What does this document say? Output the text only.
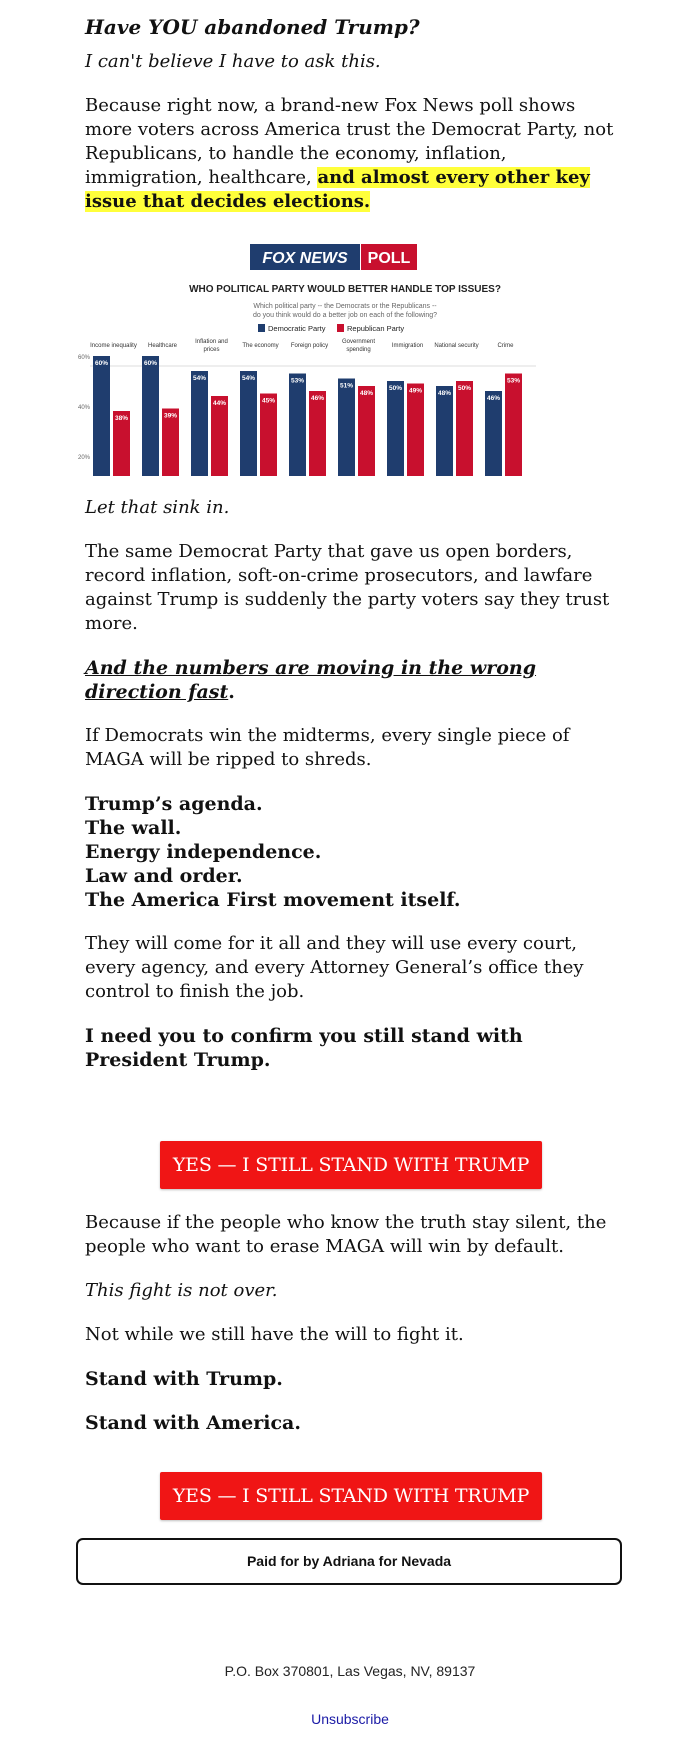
Have YOU abandoned Trump?

I can't believe I have to ask this.

Because right now, a brand-new Fox News poll shows more voters across America trust the Democrat Party, not Republicans, to handle the economy, inflation, immigration, healthcare, and almost every other key issue that decides elections.

FOX NEWS POLL
WHO POLITICAL PARTY WOULD BETTER HANDLE TOP ISSUES?
Which political party -- the Democrats or the Republicans --
do you think would do a better job on each of the following?
Democratic Party	Republican Party
Income inequality Healthcare
Inflation and
prices
The economy Foreign policy
Government
spending
Immigration National security	Crime
60%
40%
20%
60%
38%
60%
39%
54%
44%
54%
45%
53%
46%
51%
48%
50% 49% 48%
50%
46%
53%

Let that sink in.

The same Democrat Party that gave us open borders, record inflation, soft-on-crime prosecutors, and lawfare against Trump is suddenly the party voters say they trust more.

And the numbers are moving in the wrong direction fast.

If Democrats win the midterms, every single piece of MAGA will be ripped to shreds.

Trump’s agenda.
The wall.
Energy independence.
Law and order.
The America First movement itself.

They will come for it all and they will use every court, every agency, and every Attorney General’s office they control to finish the job.

I need you to confirm you still stand with President Trump.

YES — I STILL STAND WITH TRUMP

Because if the people who know the truth stay silent, the people who want to erase MAGA will win by default.

This fight is not over.

Not while we still have the will to fight it.

Stand with Trump.

Stand with America.

YES — I STILL STAND WITH TRUMP
Paid for by Adriana for Nevada
P.O. Box 370801, Las Vegas, NV, 89137
Unsubscribe
